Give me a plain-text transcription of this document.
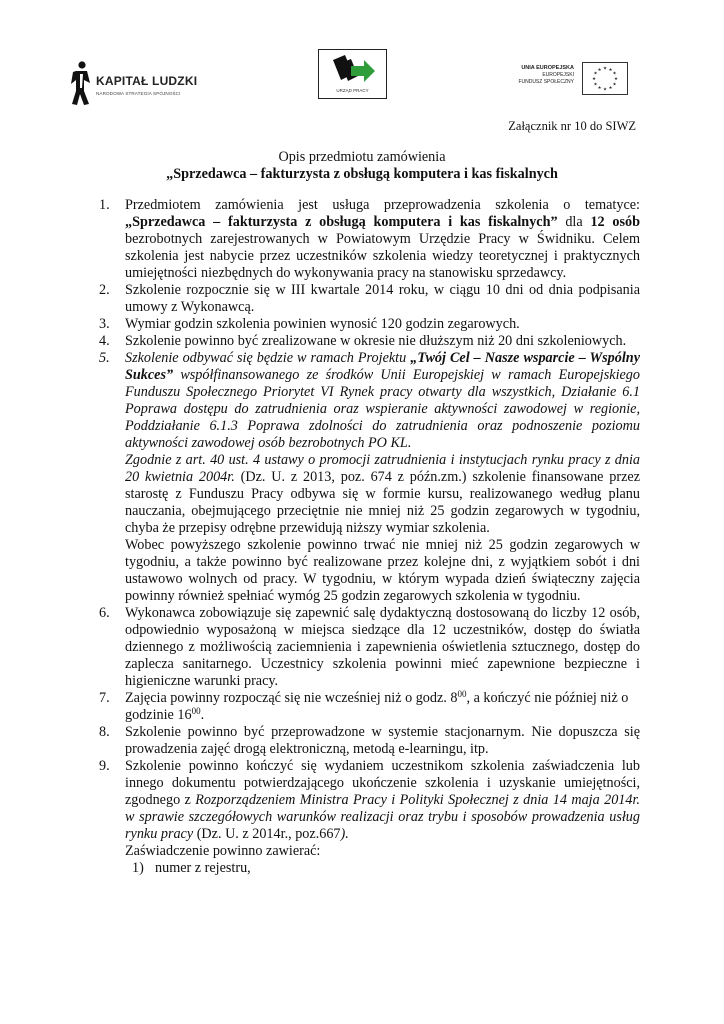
KAPITAŁ LUDZKI
NARODOWA STRATEGIA SPÓJNOŚCI
URZĄD PRACY
UNIA EUROPEJSKA
EUROPEJSKI
FUNDUSZ SPOŁECZNY
★ ★
★
★
★
★
★
★
★
★
★
★
Załącznik nr 10 do SIWZ
Opis przedmiotu zamówienia
„Sprzedawca – fakturzysta z obsługą komputera i kas fiskalnych
1. Przedmiotem zamówienia jest usługa przeprowadzenia szkolenia o tematyce: „Sprzedawca – fakturzysta z obsługą komputera i kas fiskalnych” dla 12 osób bezrobotnych zarejestrowanych w Powiatowym Urzędzie Pracy w Świdniku. Celem szkolenia jest nabycie przez uczestników szkolenia wiedzy teoretycznej i praktycznych umiejętności niezbędnych do wykonywania pracy na stanowisku sprzedawcy.

2. Szkolenie rozpocznie się w III kwartale 2014 roku, w ciągu 10 dni od dnia podpisania umowy z Wykonawcą.

3. Wymiar godzin szkolenia powinien wynosić 120 godzin zegarowych.

4. Szkolenie powinno być zrealizowane w okresie nie dłuższym niż 20 dni szkoleniowych.

5. Szkolenie odbywać się będzie w ramach Projektu „Twój Cel – Nasze wsparcie – Wspólny Sukces” współfinansowanego ze środków Unii Europejskiej w ramach Europejskiego Funduszu Społecznego Priorytet VI Rynek pracy otwarty dla wszystkich, Działanie 6.1 Poprawa dostępu do zatrudnienia oraz wspieranie aktywności zawodowej w regionie, Poddziałanie 6.1.3 Poprawa zdolności do zatrudnienia oraz podnoszenie poziomu aktywności zawodowej osób bezrobotnych PO KL.

Zgodnie z art. 40 ust. 4 ustawy o promocji zatrudnienia i instytucjach rynku pracy z dnia 20 kwietnia 2004r. (Dz. U. z 2013, poz. 674 z późn.zm.) szkolenie finansowane przez starostę z Funduszu Pracy odbywa się w formie kursu, realizowanego według planu nauczania, obejmującego przeciętnie nie mniej niż 25 godzin zegarowych w tygodniu, chyba że przepisy odrębne przewidują niższy wymiar szkolenia.

Wobec powyższego szkolenie powinno trwać nie mniej niż 25 godzin zegarowych w tygodniu, a także powinno być realizowane przez kolejne dni, z wyjątkiem sobót i dni ustawowo wolnych od pracy. W tygodniu, w którym wypada dzień świąteczny zajęcia powinny również spełniać wymóg 25 godzin zegarowych szkolenia w tygodniu.

6. Wykonawca zobowiązuje się zapewnić salę dydaktyczną dostosowaną do liczby 12 osób, odpowiednio wyposażoną w miejsca siedzące dla 12 uczestników, dostęp do światła dziennego z możliwością zaciemnienia i zapewnienia oświetlenia sztucznego, dostęp do zaplecza sanitarnego. Uczestnicy szkolenia powinni mieć zapewnione bezpieczne i higieniczne warunki pracy.

7. Zajęcia powinny rozpocząć się nie wcześniej niż o godz. $8^{00}$, a kończyć nie później niż o godzinie $16^{00}$.

8. Szkolenie powinno być przeprowadzone w systemie stacjonarnym. Nie dopuszcza się prowadzenia zajęć drogą elektroniczną, metodą e-learningu, itp.

9. Szkolenie powinno kończyć się wydaniem uczestnikom szkolenia zaświadczenia lub innego dokumentu potwierdzającego ukończenie szkolenia i uzyskanie umiejętności, zgodnego z Rozporządzeniem Ministra Pracy i Polityki Społecznej z dnia 14 maja 2014r. w sprawie szczegółowych warunków realizacji oraz trybu i sposobów prowadzenia usług rynku pracy (Dz. U. z 2014r., poz.667).

Zaświadczenie powinno zawierać:

1) numer z rejestru,
